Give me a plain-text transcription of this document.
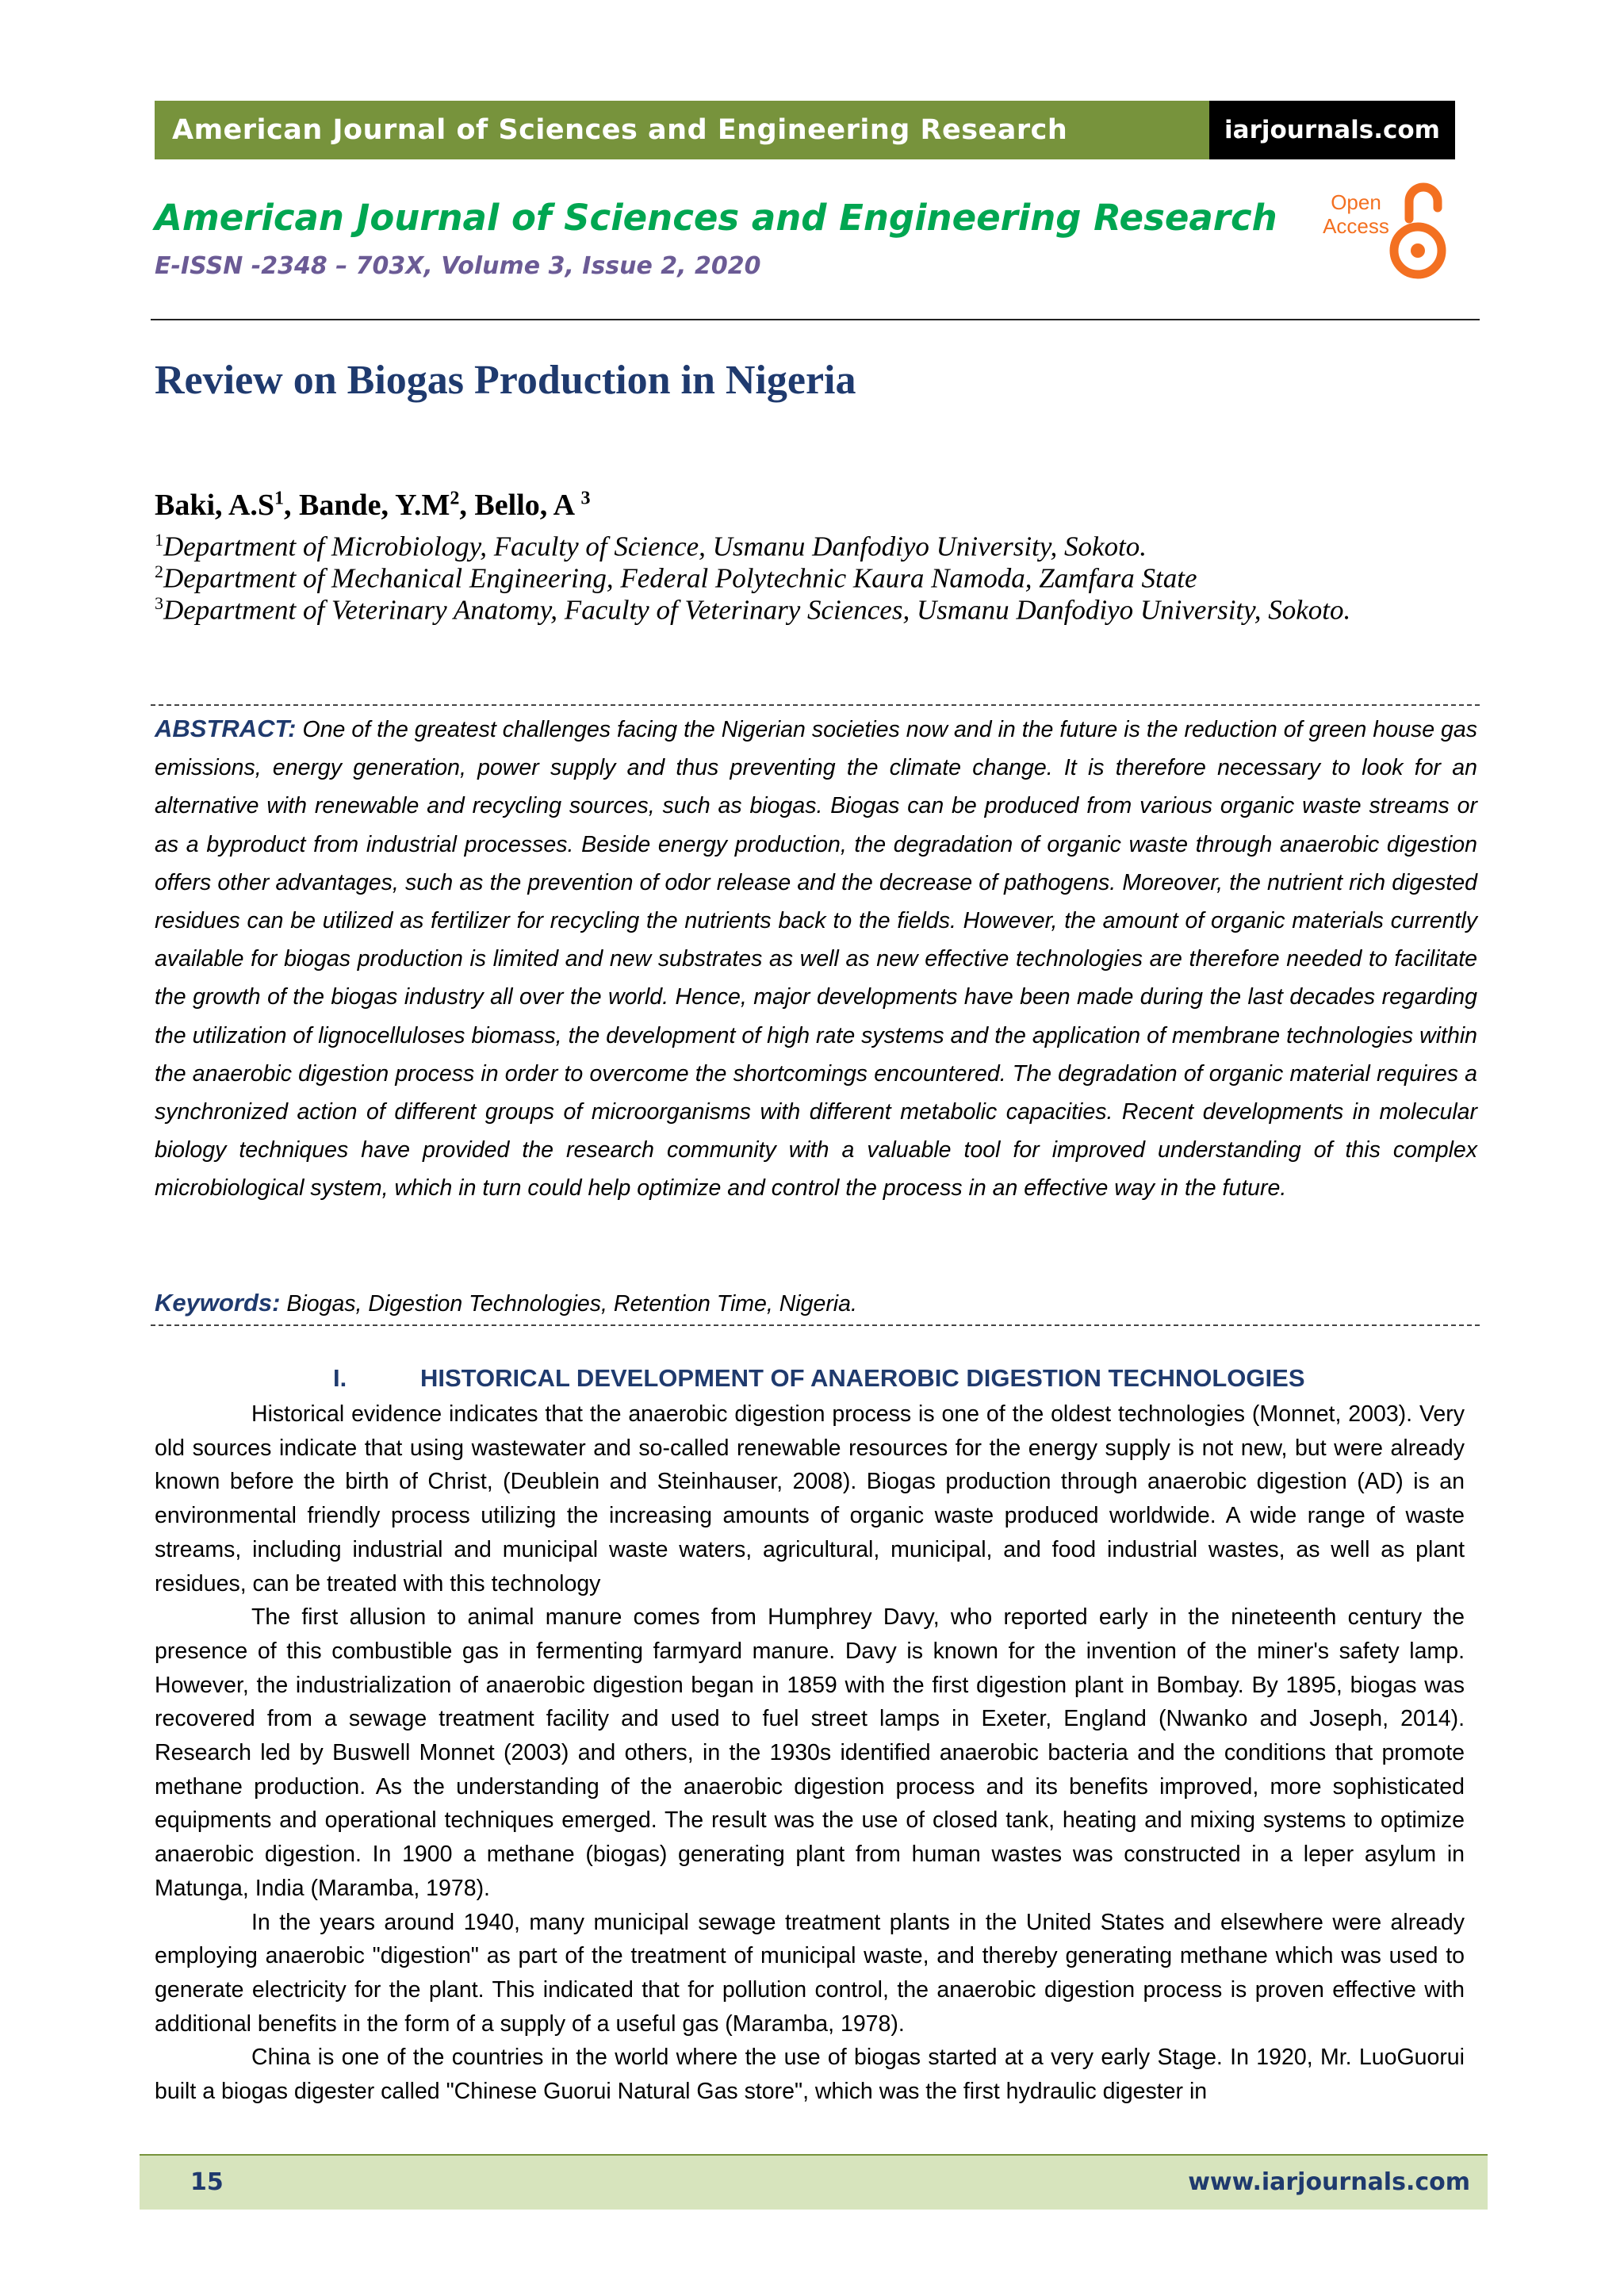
American Journal of Sciences and Engineering Research	iarjournals.com
American Journal of Sciences and Engineering Research
E-ISSN -2348 – 703X, Volume 3, Issue 2, 2020
Open
Access
Review on Biogas Production in Nigeria
Baki, $A.S^1$, Bande, $Y.M^2$, Bello, A $^3$
$^1$Department of Microbiology, Faculty of Science, Usmanu Danfodiyo University, Sokoto.
$^2$Department of Mechanical Engineering, Federal Polytechnic Kaura Namoda, Zamfara State
$^3$Department of Veterinary Anatomy, Faculty of Veterinary Sciences, Usmanu Danfodiyo University, Sokoto.
ABSTRACT: One of the greatest challenges facing the Nigerian societies now and in the future is the reduction of green house gas emissions, energy generation, power supply and thus preventing the climate change. It is therefore necessary to look for an alternative with renewable and recycling sources, such as biogas. Biogas can be produced from various organic waste streams or as a byproduct from industrial processes. Beside energy production, the degradation of organic waste through anaerobic digestion offers other advantages, such as the prevention of odor release and the decrease of pathogens. Moreover, the nutrient rich digested residues can be utilized as fertilizer for recycling the nutrients back to the fields. However, the amount of organic materials currently available for biogas production is limited and new substrates as well as new effective technologies are therefore needed to facilitate the growth of the biogas industry all over the world. Hence, major developments have been made during the last decades regarding the utilization of lignocelluloses biomass, the development of high rate systems and the application of membrane technologies within the anaerobic digestion process in order to overcome the shortcomings encountered. The degradation of organic material requires a synchronized action of different groups of microorganisms with different metabolic capacities. Recent developments in molecular biology techniques have provided the research community with a valuable tool for improved understanding of this complex microbiological system, which in turn could help optimize and control the process in an effective way in the future.
Keywords: Biogas, Digestion Technologies, Retention Time, Nigeria.
I.	HISTORICAL DEVELOPMENT OF ANAEROBIC DIGESTION TECHNOLOGIES

Historical evidence indicates that the anaerobic digestion process is one of the oldest technologies (Monnet, 2003). Very old sources indicate that using wastewater and so-called renewable resources for the energy supply is not new, but were already known before the birth of Christ, (Deublein and Steinhauser, 2008). Biogas production through anaerobic digestion (AD) is an environmental friendly process utilizing the increasing amounts of organic waste produced worldwide. A wide range of waste streams, including industrial and municipal waste waters, agricultural, municipal, and food industrial wastes, as well as plant residues, can be treated with this technology

The first allusion to animal manure comes from Humphrey Davy, who reported early in the nineteenth century the presence of this combustible gas in fermenting farmyard manure. Davy is known for the invention of the miner's safety lamp. However, the industrialization of anaerobic digestion began in 1859 with the first digestion plant in Bombay. By 1895, biogas was recovered from a sewage treatment facility and used to fuel street lamps in Exeter, England (Nwanko and Joseph, 2014). Research led by Buswell Monnet (2003) and others, in the 1930s identified anaerobic bacteria and the conditions that promote methane production. As the understanding of the anaerobic digestion process and its benefits improved, more sophisticated equipments and operational techniques emerged. The result was the use of closed tank, heating and mixing systems to optimize anaerobic digestion. In 1900 a methane (biogas) generating plant from human wastes was constructed in a leper asylum in Matunga, India (Maramba, 1978).

In the years around 1940, many municipal sewage treatment plants in the United States and elsewhere were already employing anaerobic "digestion" as part of the treatment of municipal waste, and thereby generating methane which was used to generate electricity for the plant. This indicated that for pollution control, the anaerobic digestion process is proven effective with additional benefits in the form of a supply of a useful gas (Maramba, 1978).

China is one of the countries in the world where the use of biogas started at a very early Stage. In 1920, Mr. LuoGuorui built a biogas digester called "Chinese Guorui Natural Gas store", which was the first hydraulic digester in

15	www.iarjournals.com
